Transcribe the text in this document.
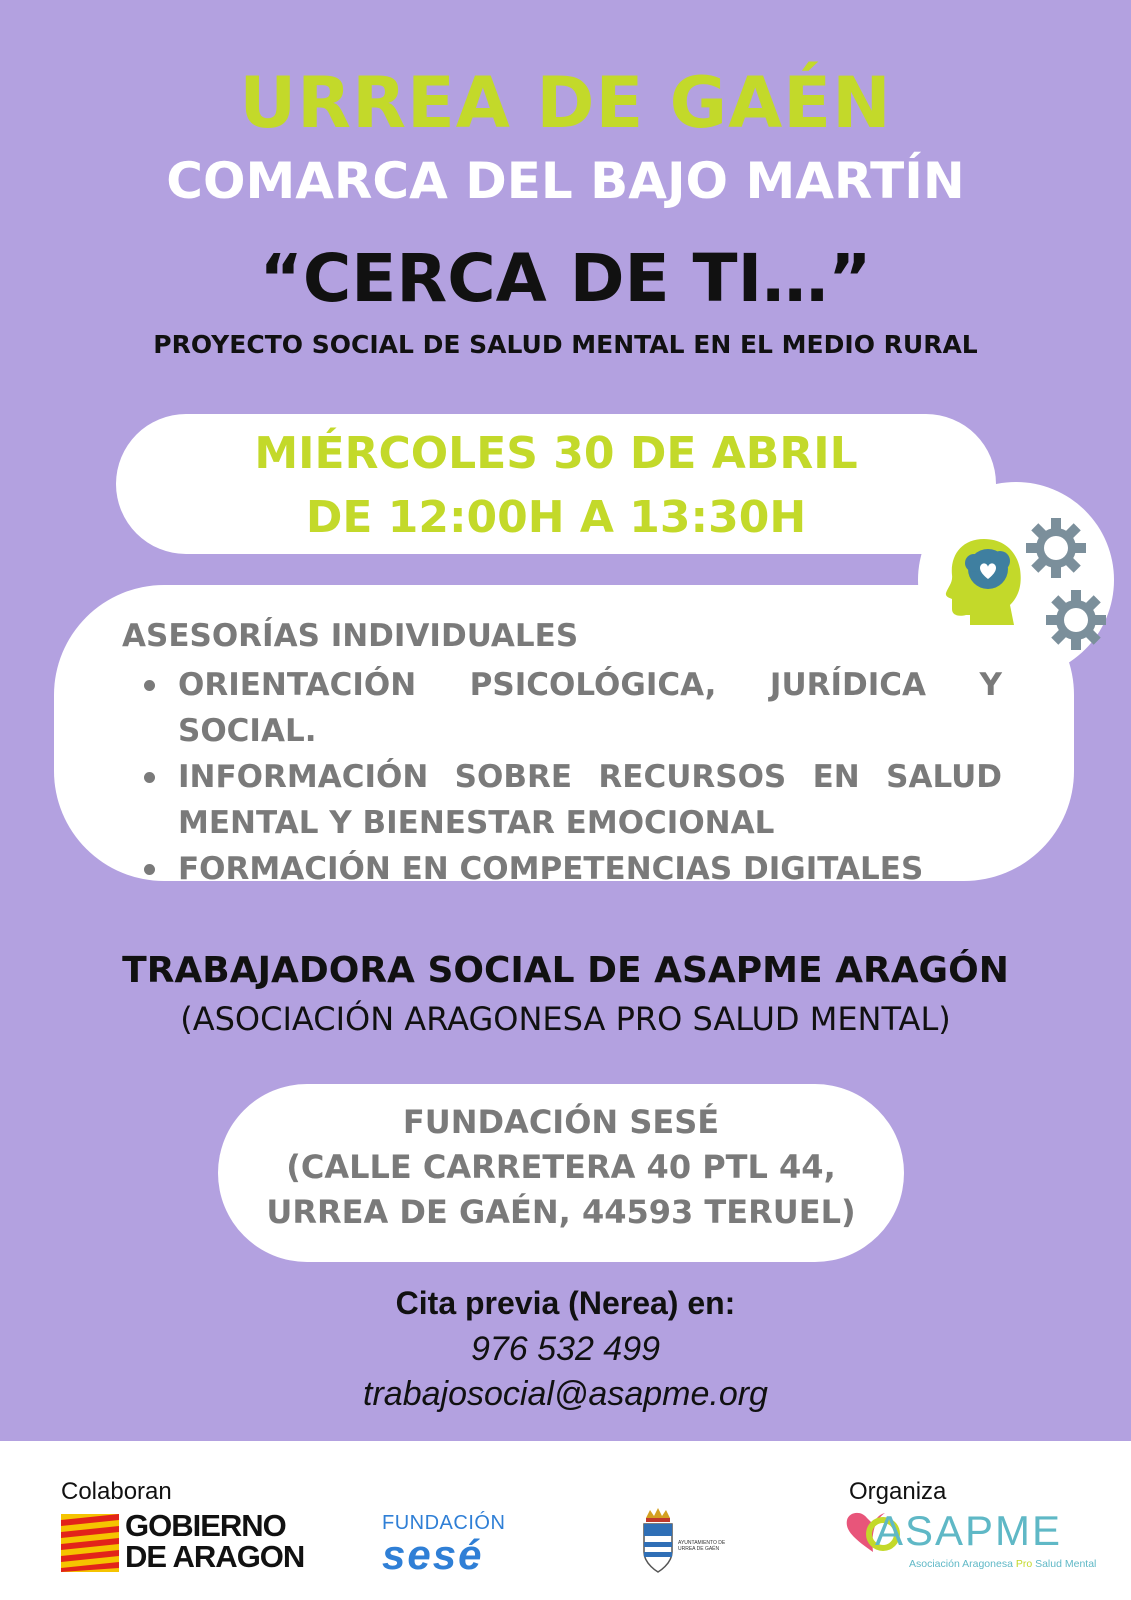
URREA DE GAÉN
COMARCA DEL BAJO MARTÍN
“CERCA DE TI…”
PROYECTO SOCIAL DE SALUD MENTAL EN EL MEDIO RURAL
MIÉRCOLES 30 DE ABRIL
DE 12:00H A 13:30H
ASESORÍAS INDIVIDUALES
ORIENTACIÓN PSICOLÓGICA, JURÍDICA Y SOCIAL.
INFORMACIÓN SOBRE RECURSOS EN SALUD MENTAL Y BIENESTAR EMOCIONAL
FORMACIÓN EN COMPETENCIAS DIGITALES
TRABAJADORA SOCIAL DE ASAPME ARAGÓN
(ASOCIACIÓN ARAGONESA PRO SALUD MENTAL)
FUNDACIÓN SESÉ
(CALLE CARRETERA 40 PTL 44,
URREA DE GAÉN, 44593 TERUEL)
Cita previa (Nerea) en:
976 532 499
trabajosocial@asapme.org
Colaboran	Organiza
GOBIERNO
DE ARAGON
FUNDACIÓN
sesé	AYUNTAMIENTO DE
URREA DE GAÉN	ASAPME
Asociación Aragonesa Pro Salud Mental
